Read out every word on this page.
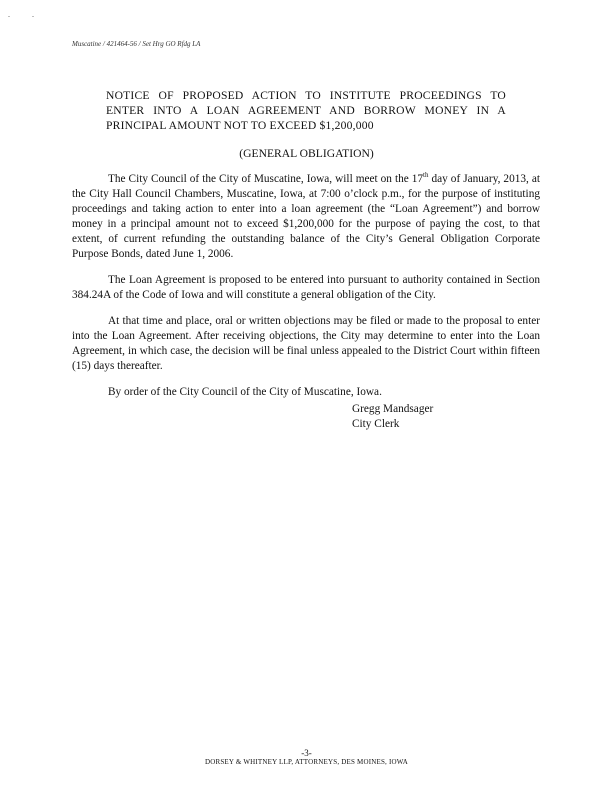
. .
Muscatine / 421464-56 / Set Hrg GO Rfdg LA
NOTICE OF PROPOSED ACTION TO INSTITUTE PROCEEDINGS TO ENTER INTO A LOAN AGREEMENT AND BORROW MONEY IN A PRINCIPAL AMOUNT NOT TO EXCEED $1,200,000
(GENERAL OBLIGATION)

The City Council of the City of Muscatine, Iowa, will meet on the 17th day of January, 2013, at the City Hall Council Chambers, Muscatine, Iowa, at 7:00 o’clock p.m., for the purpose of instituting proceedings and taking action to enter into a loan agreement (the “Loan Agreement”) and borrow money in a principal amount not to exceed $1,200,000 for the purpose of paying the cost, to that extent, of current refunding the outstanding balance of the City’s General Obligation Corporate Purpose Bonds, dated June 1, 2006.

The Loan Agreement is proposed to be entered into pursuant to authority contained in Section 384.24A of the Code of Iowa and will constitute a general obligation of the City.

At that time and place, oral or written objections may be filed or made to the proposal to enter into the Loan Agreement. After receiving objections, the City may determine to enter into the Loan Agreement, in which case, the decision will be final unless appealed to the District Court within fifteen (15) days thereafter.

By order of the City Council of the City of Muscatine, Iowa.

Gregg Mandsager
City Clerk
-3-
DORSEY & WHITNEY LLP, ATTORNEYS, DES MOINES, IOWA
